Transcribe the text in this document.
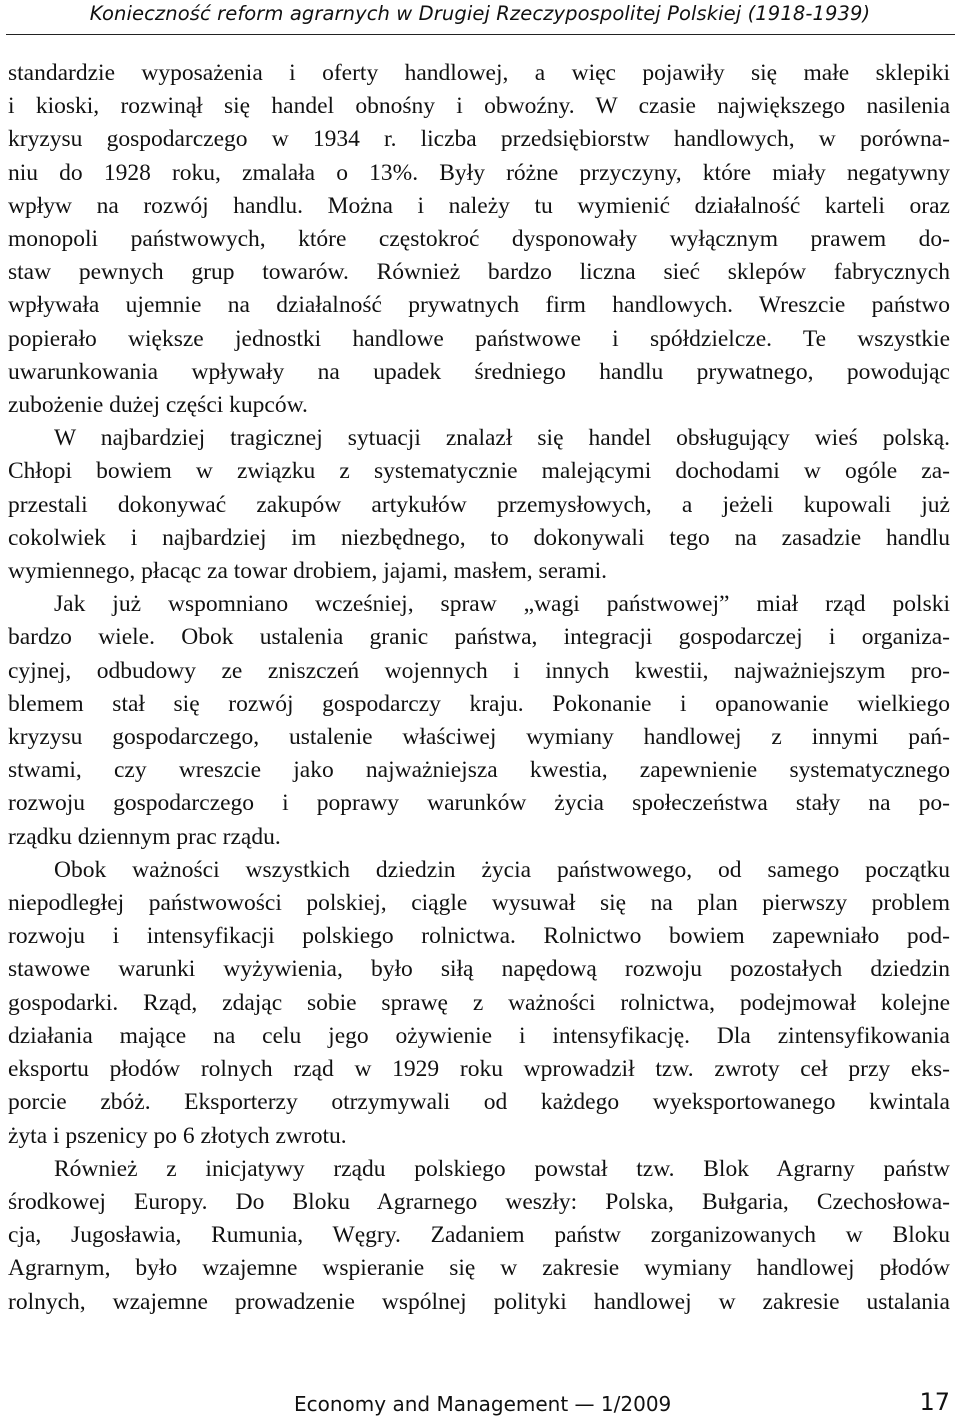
Konieczność reform agrarnych w Drugiej Rzeczypospolitej Polskiej (1918-1939)

standardzie wyposażenia i oferty handlowej, a więc pojawiły się małe sklepiki

i kioski, rozwinął się handel obnośny i obwoźny. W czasie największego nasilenia

kryzysu gospodarczego w 1934 r. liczba przedsiębiorstw handlowych, w porówna-

niu do 1928 roku, zmalała o 13%. Były różne przyczyny, które miały negatywny

wpływ na rozwój handlu. Można i należy tu wymienić działalność karteli oraz

monopoli państwowych, które częstokroć dysponowały wyłącznym prawem do-

staw pewnych grup towarów. Również bardzo liczna sieć sklepów fabrycznych

wpływała ujemnie na działalność prywatnych firm handlowych. Wreszcie państwo

popierało większe jednostki handlowe państwowe i spółdzielcze. Te wszystkie

uwarunkowania wpływały na upadek średniego handlu prywatnego, powodując

zubożenie dużej części kupców.

W najbardziej tragicznej sytuacji znalazł się handel obsługujący wieś polską.

Chłopi bowiem w związku z systematycznie malejącymi dochodami w ogóle za-

przestali dokonywać zakupów artykułów przemysłowych, a jeżeli kupowali już

cokolwiek i najbardziej im niezbędnego, to dokonywali tego na zasadzie handlu

wymiennego, płacąc za towar drobiem, jajami, masłem, serami.

Jak już wspomniano wcześniej, spraw „wagi państwowej” miał rząd polski

bardzo wiele. Obok ustalenia granic państwa, integracji gospodarczej i organiza-

cyjnej, odbudowy ze zniszczeń wojennych i innych kwestii, najważniejszym pro-

blemem stał się rozwój gospodarczy kraju. Pokonanie i opanowanie wielkiego

kryzysu gospodarczego, ustalenie właściwej wymiany handlowej z innymi pań-

stwami, czy wreszcie jako najważniejsza kwestia, zapewnienie systematycznego

rozwoju gospodarczego i poprawy warunków życia społeczeństwa stały na po-

rządku dziennym prac rządu.

Obok ważności wszystkich dziedzin życia państwowego, od samego początku

niepodległej państwowości polskiej, ciągle wysuwał się na plan pierwszy problem

rozwoju i intensyfikacji polskiego rolnictwa. Rolnictwo bowiem zapewniało pod-

stawowe warunki wyżywienia, było siłą napędową rozwoju pozostałych dziedzin

gospodarki. Rząd, zdając sobie sprawę z ważności rolnictwa, podejmował kolejne

działania mające na celu jego ożywienie i intensyfikację. Dla zintensyfikowania

eksportu płodów rolnych rząd w 1929 roku wprowadził tzw. zwroty ceł przy eks-

porcie zbóż. Eksporterzy otrzymywali od każdego wyeksportowanego kwintala

żyta i pszenicy po 6 złotych zwrotu.

Również z inicjatywy rządu polskiego powstał tzw. Blok Agrarny państw

środkowej Europy. Do Bloku Agrarnego weszły: Polska, Bułgaria, Czechosłowa-

cja, Jugosławia, Rumunia, Węgry. Zadaniem państw zorganizowanych w Bloku

Agrarnym, było wzajemne wspieranie się w zakresie wymiany handlowej płodów

rolnych, wzajemne prowadzenie wspólnej polityki handlowej w zakresie ustalania

Economy and Management — 1/2009	17
